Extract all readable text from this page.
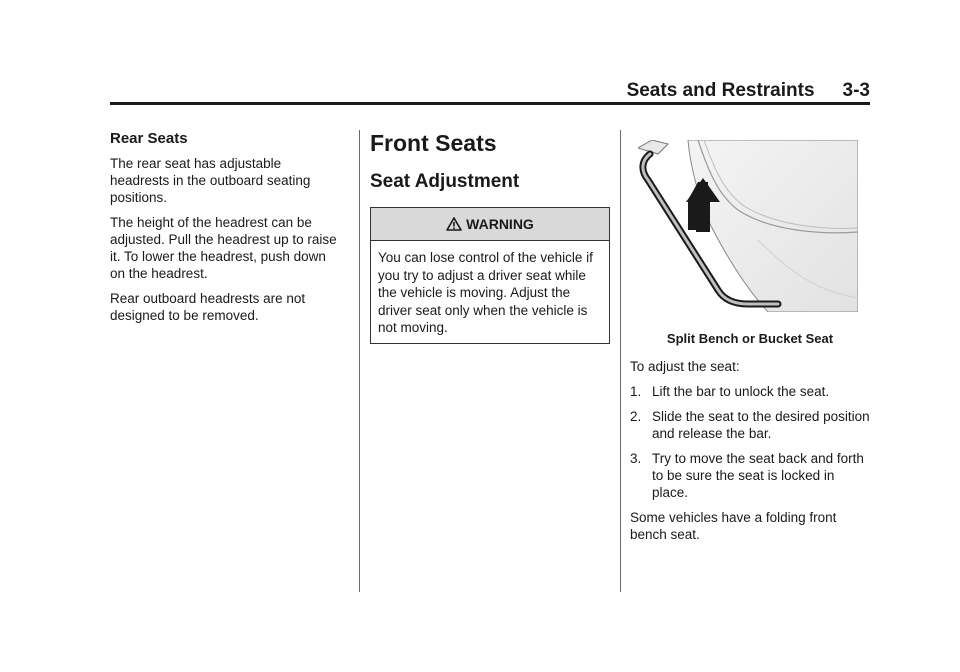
Seats and Restraints 3-3
Rear Seats

The rear seat has adjustable headrests in the outboard seating positions.

The height of the headrest can be adjusted. Pull the headrest up to raise it. To lower the headrest, push down on the headrest.

Rear outboard headrests are not designed to be removed.

Front Seats
Seat Adjustment
WARNING
You can lose control of the vehicle if you try to adjust a driver seat while the vehicle is moving. Adjust the driver seat only when the vehicle is not moving.
Split Bench or Bucket Seat

To adjust the seat:

1. Lift the bar to unlock the seat.
2. Slide the seat to the desired position and release the bar.
3. Try to move the seat back and forth to be sure the seat is locked in place.

Some vehicles have a folding front bench seat.
